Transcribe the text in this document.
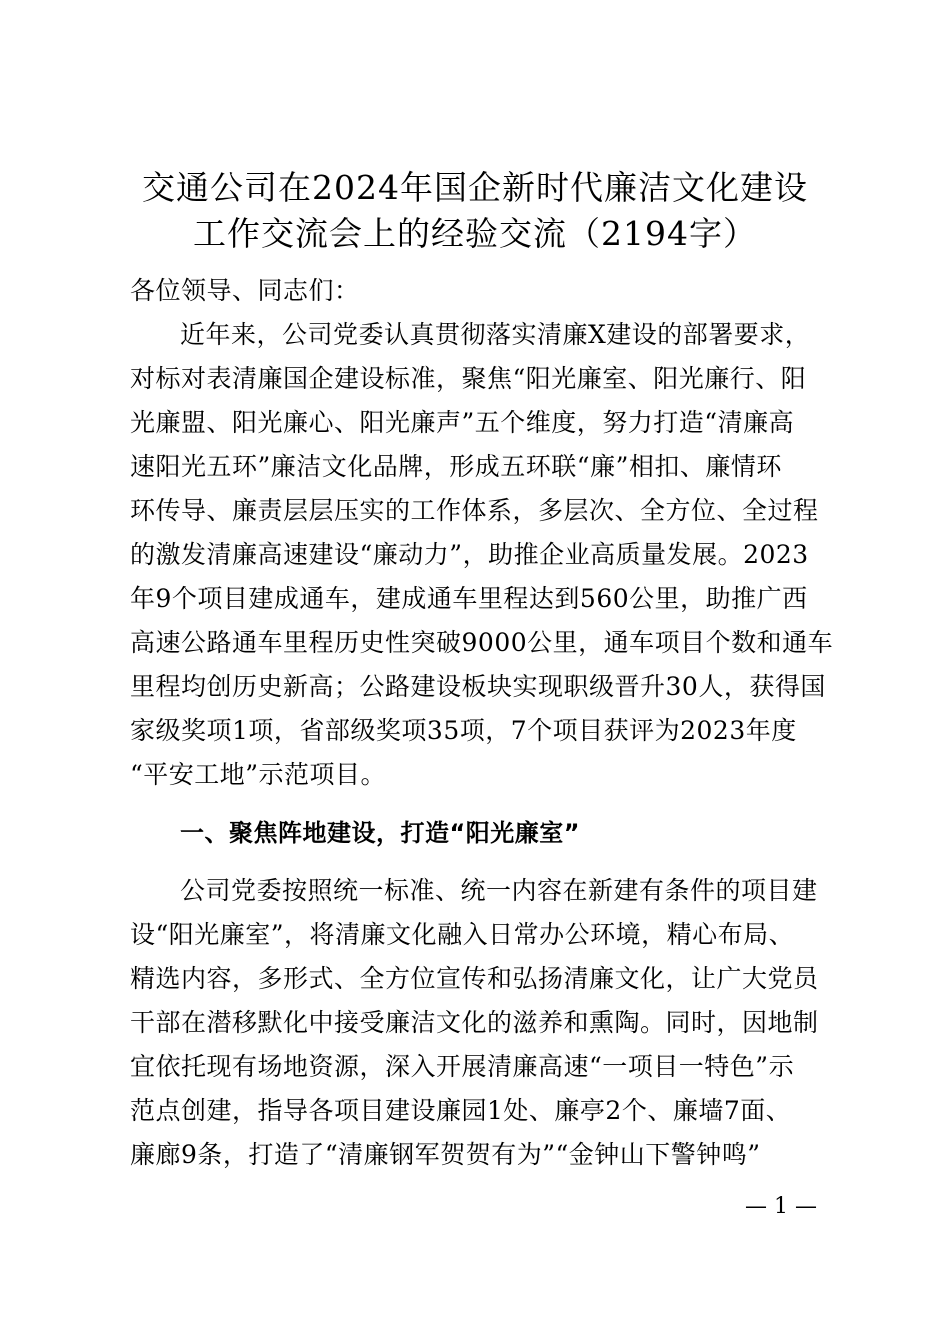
交通公司在2024年国企新时代廉洁文化建设
工作交流会上的经验交流（2194字）
各位领导、同志们：
近年来，公司党委认真贯彻落实清廉X建设的部署要求，
对标对表清廉国企建设标准，聚焦“阳光廉室、阳光廉行、阳
光廉盟、阳光廉心、阳光廉声”五个维度，努力打造“清廉高
速阳光五环”廉洁文化品牌，形成五环联“廉”相扣、廉情环
环传导、廉责层层压实的工作体系，多层次、全方位、全过程
的激发清廉高速建设“廉动力”，助推企业高质量发展。2023
年9个项目建成通车，建成通车里程达到560公里，助推广西
高速公路通车里程历史性突破9000公里，通车项目个数和通车
里程均创历史新高；公路建设板块实现职级晋升30人，获得国
家级奖项1项，省部级奖项35项，7个项目获评为2023年度
“平安工地”示范项目。
一、聚焦阵地建设，打造“阳光廉室”
公司党委按照统一标准、统一内容在新建有条件的项目建
设“阳光廉室”，将清廉文化融入日常办公环境，精心布局、
精选内容，多形式、全方位宣传和弘扬清廉文化，让广大党员
干部在潜移默化中接受廉洁文化的滋养和熏陶。同时，因地制
宜依托现有场地资源，深入开展清廉高速“一项目一特色”示
范点创建，指导各项目建设廉园1处、廉亭2个、廉墙7面、
廉廊9条，打造了“清廉钢军贺贺有为”“金钟山下警钟鸣”
— 1 —
